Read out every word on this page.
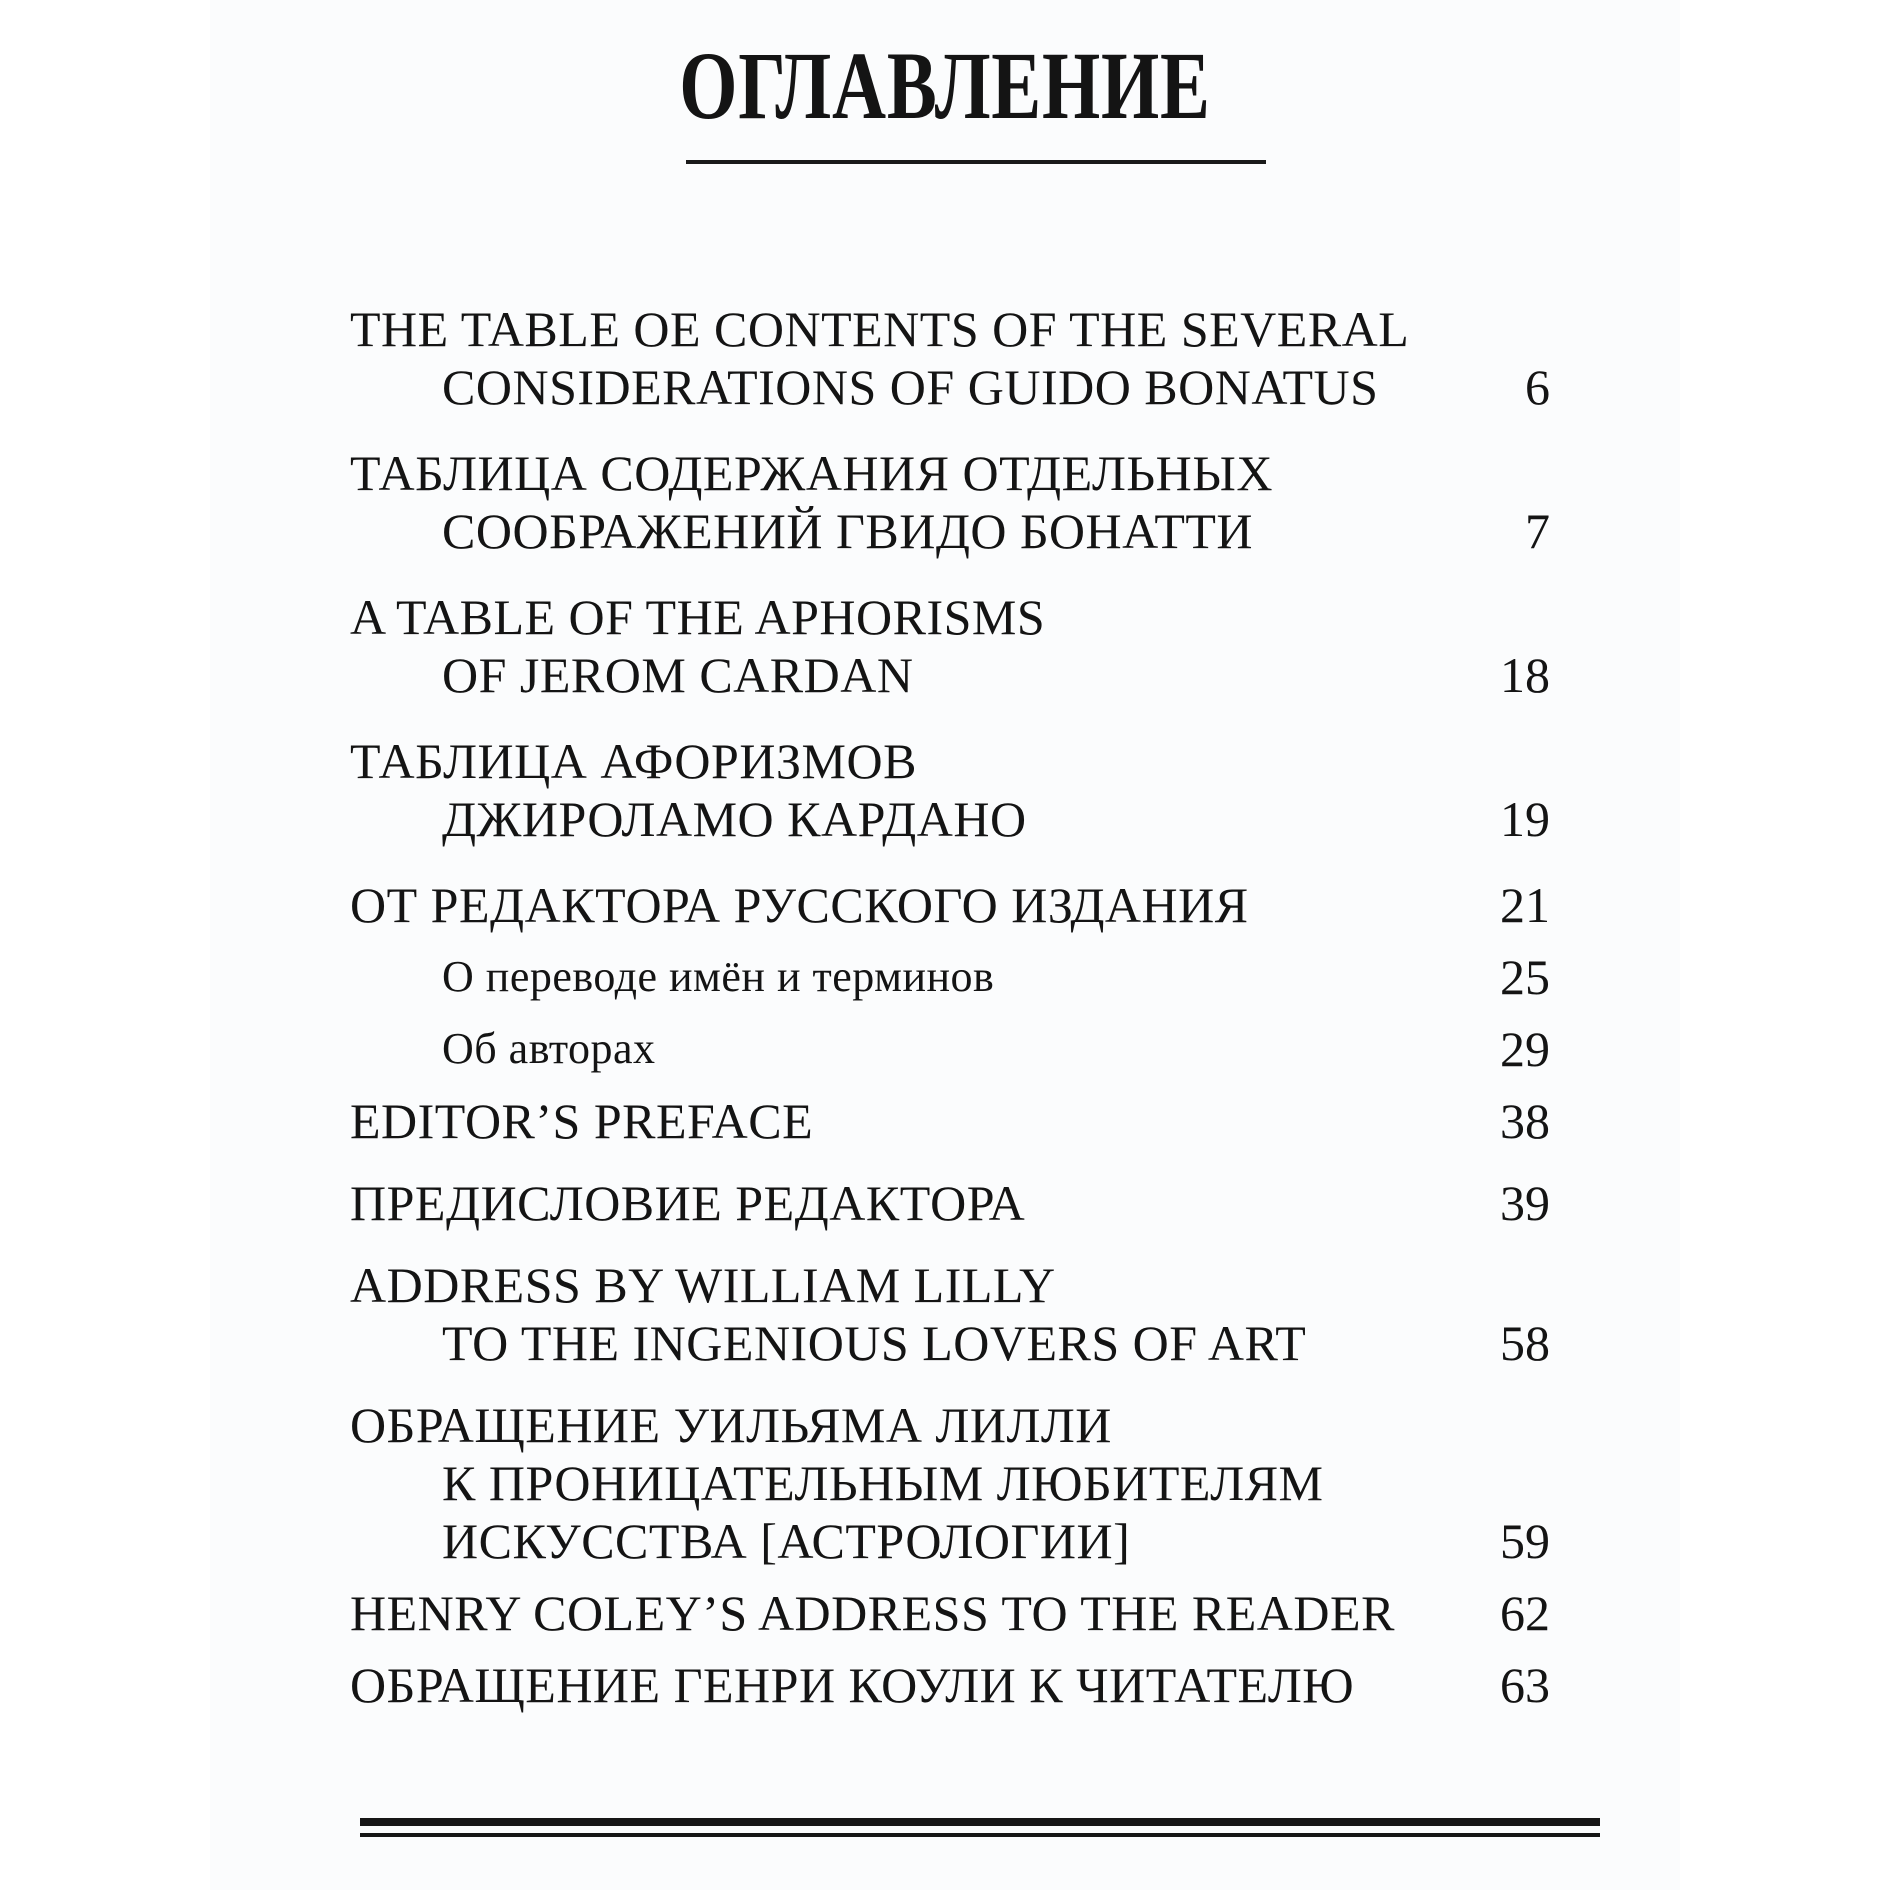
ОГЛАВЛЕНИЕ
THE TABLE OE CONTENTS OF THE SEVERAL
CONSIDERATIONS OF GUIDO BONATUS	6
ТАБЛИЦА СОДЕРЖАНИЯ ОТДЕЛЬНЫХ
СООБРАЖЕНИЙ ГВИДО БОНАТТИ	7
A TABLE OF THE APHORISMS
OF JEROM CARDAN	18
ТАБЛИЦА АФОРИЗМОВ
ДЖИРОЛАМО КАРДАНО	19
ОТ РЕДАКТОРА РУССКОГО ИЗДАНИЯ	21
О переводе имён и терминов	25
Об авторах	29
EDITOR’S PREFACE	38
ПРЕДИСЛОВИЕ РЕДАКТОРА	39
ADDRESS BY WILLIAM LILLY
TO THE INGENIOUS LOVERS OF ART	58
ОБРАЩЕНИЕ УИЛЬЯМА ЛИЛЛИ
К ПРОНИЦАТЕЛЬНЫМ ЛЮБИТЕЛЯМ
ИСКУССТВА [АСТРОЛОГИИ]	59
HENRY COLEY’S ADDRESS TO THE READER	62
ОБРАЩЕНИЕ ГЕНРИ КОУЛИ К ЧИТАТЕЛЮ	63
